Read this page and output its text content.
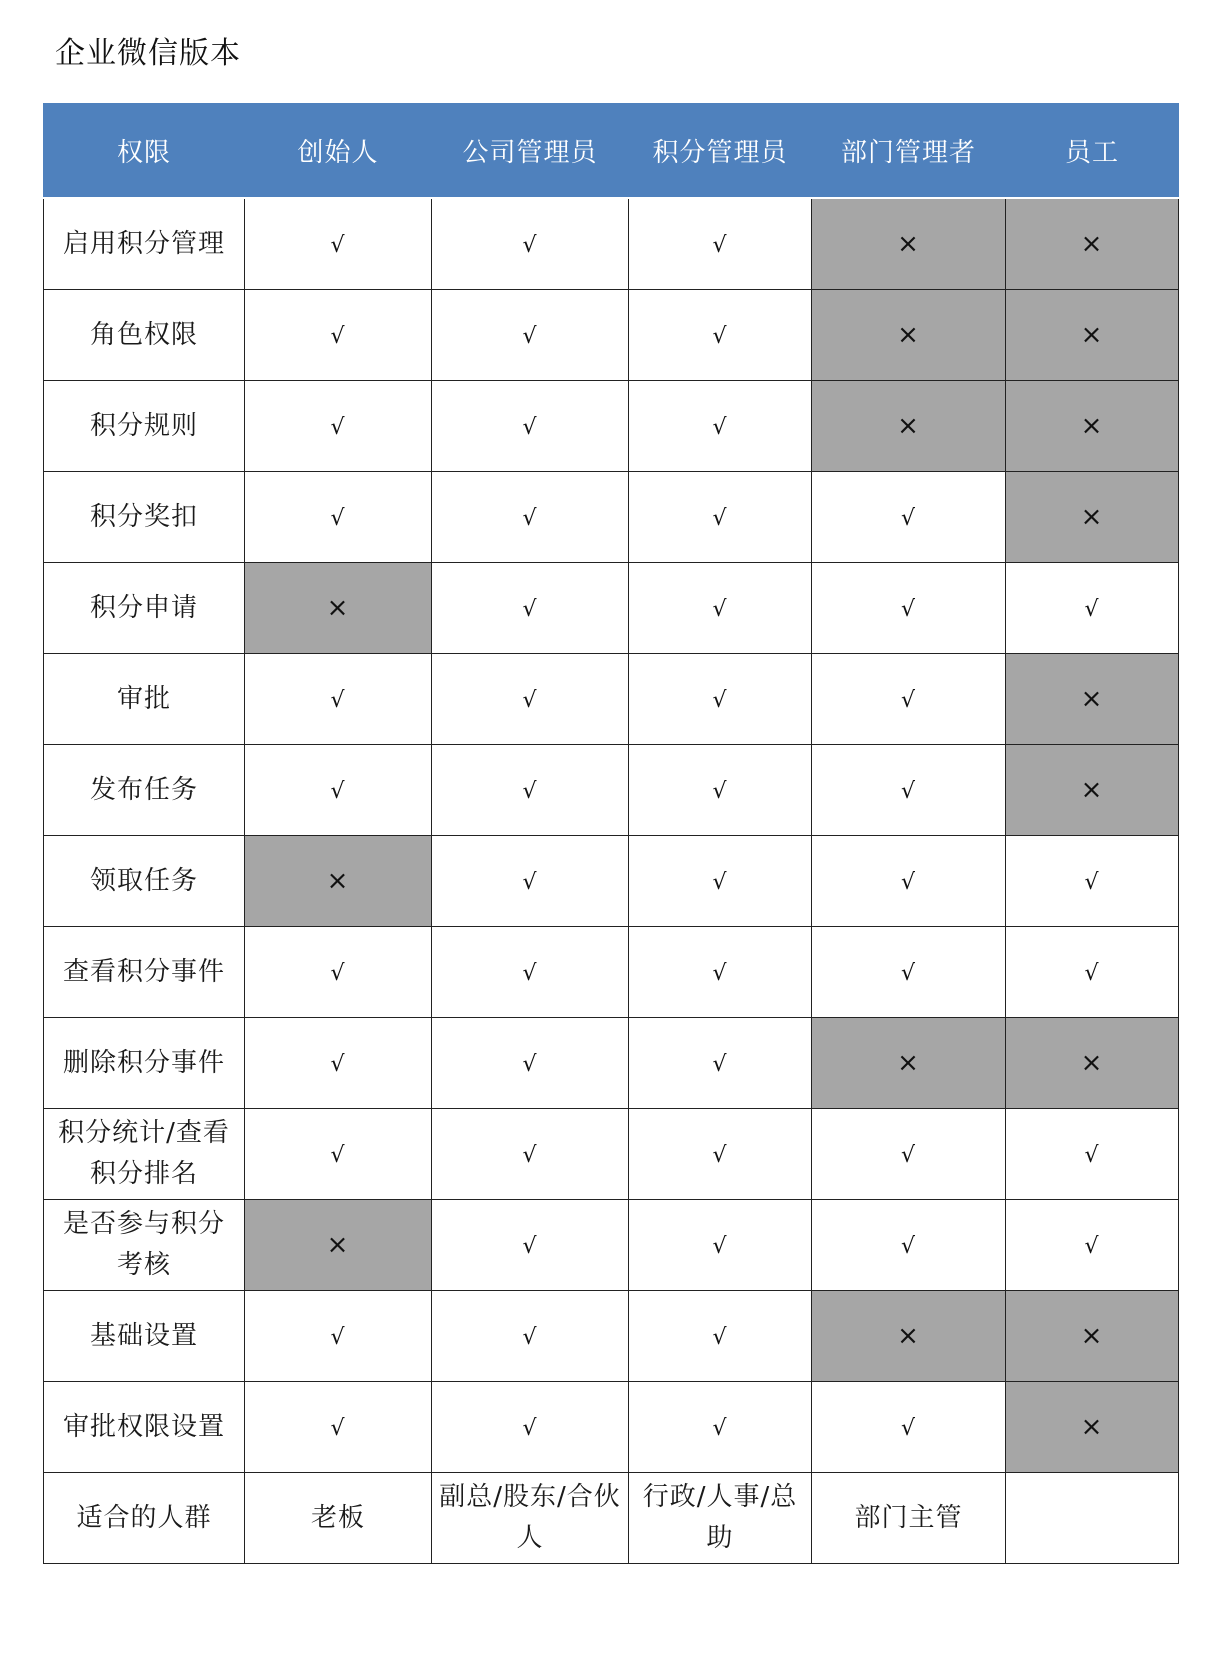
企业微信版本
权限	创始人	公司管理员	积分管理员	部门管理者	员工
启用积分管理	√	√	√	×	×
角色权限	√	√	√	×	×
积分规则	√	√	√	×	×
积分奖扣	√	√	√	√	×
积分申请	×	√	√	√	√
审批	√	√	√	√	×
发布任务	√	√	√	√	×
领取任务	×	√	√	√	√
查看积分事件	√	√	√	√	√
删除积分事件	√	√	√	×	×
积分统计/查看积分排名	√	√	√	√	√
是否参与积分考核	×	√	√	√	√
基础设置	√	√	√	×	×
审批权限设置	√	√	√	√	×
适合的人群	老板	副总/股东/合伙人	行政/人事/总助	部门主管	
